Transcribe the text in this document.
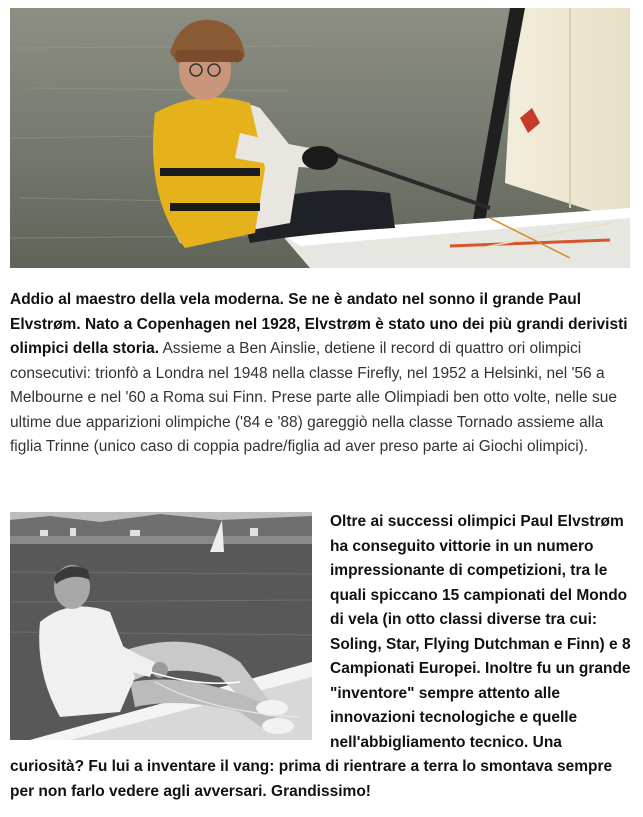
Addio al maestro della vela moderna. Se ne è andato nel sonno il grande Paul Elvstrøm. Nato a Copenhagen nel 1928, Elvstrøm è stato uno dei più grandi derivisti olimpici della storia. Assieme a Ben Ainslie, detiene il record di quattro ori olimpici consecutivi: trionfò a Londra nel 1948 nella classe Firefly, nel 1952 a Helsinki, nel '56 a Melbourne e nel '60 a Roma sui Finn. Prese parte alle Olimpiadi ben otto volte, nelle sue ultime due apparizioni olimpiche ('84 e '88) gareggiò nella classe Tornado assieme alla figlia Trinne (unico caso di coppia padre/figlia ad aver preso parte ai Giochi olimpici).

Oltre ai successi olimpici Paul Elvstrøm ha conseguito vittorie in un numero impressionante di competizioni, tra le quali spiccano 15 campionati del Mondo di vela (in otto classi diverse tra cui: Soling, Star, Flying Dutchman e Finn) e 8 Campionati Europei. Inoltre fu un grande "inventore" sempre attento alle innovazioni tecnologiche e quelle nell'abbigliamento tecnico. Una

curiosità? Fu lui a inventare il vang: prima di rientrare a terra lo smontava sempre per non farlo vedere agli avversari. Grandissimo!
